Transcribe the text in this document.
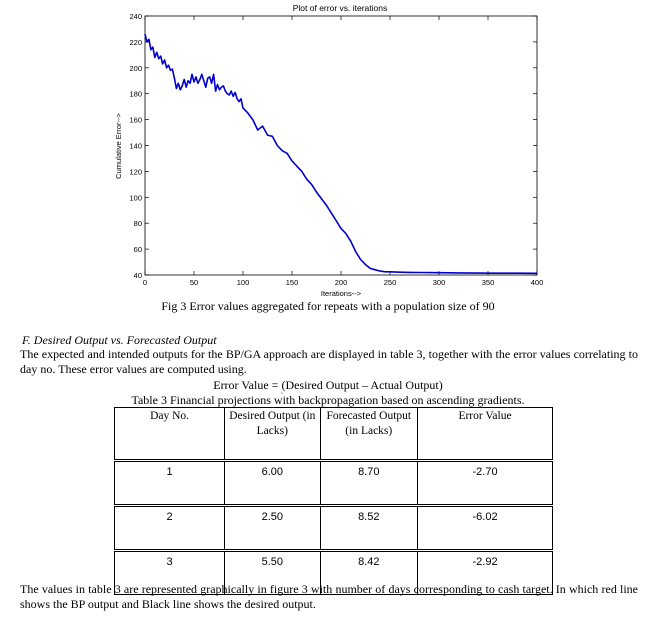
Plot of error vs. iterations
40
60
80
100
120
140
160
180
200
220
240
0	50	100	150	200	250	300	350	400
Iterations-->
Cumulative Error-->
Fig 3 Error values aggregated for repeats with a population size of 90
F. Desired Output vs. Forecasted Output
The expected and intended outputs for the BP/GA approach are displayed in table 3, together with the error values correlating to day no. These error values are computed using.
Error Value = (Desired Output – Actual Output)
Table 3 Financial projections with backpropagation based on ascending gradients.
Day No.	Desired Output (in Lacks)	Forecasted Output (in Lacks)	Error Value
1	6.00	8.70	-2.70
2	2.50	8.52	-6.02
3	5.50	8.42	-2.92
The values in table 3 are represented graphically in figure 3 with number of days corresponding to cash target. In which red line shows the BP output and Black line shows the desired output.
